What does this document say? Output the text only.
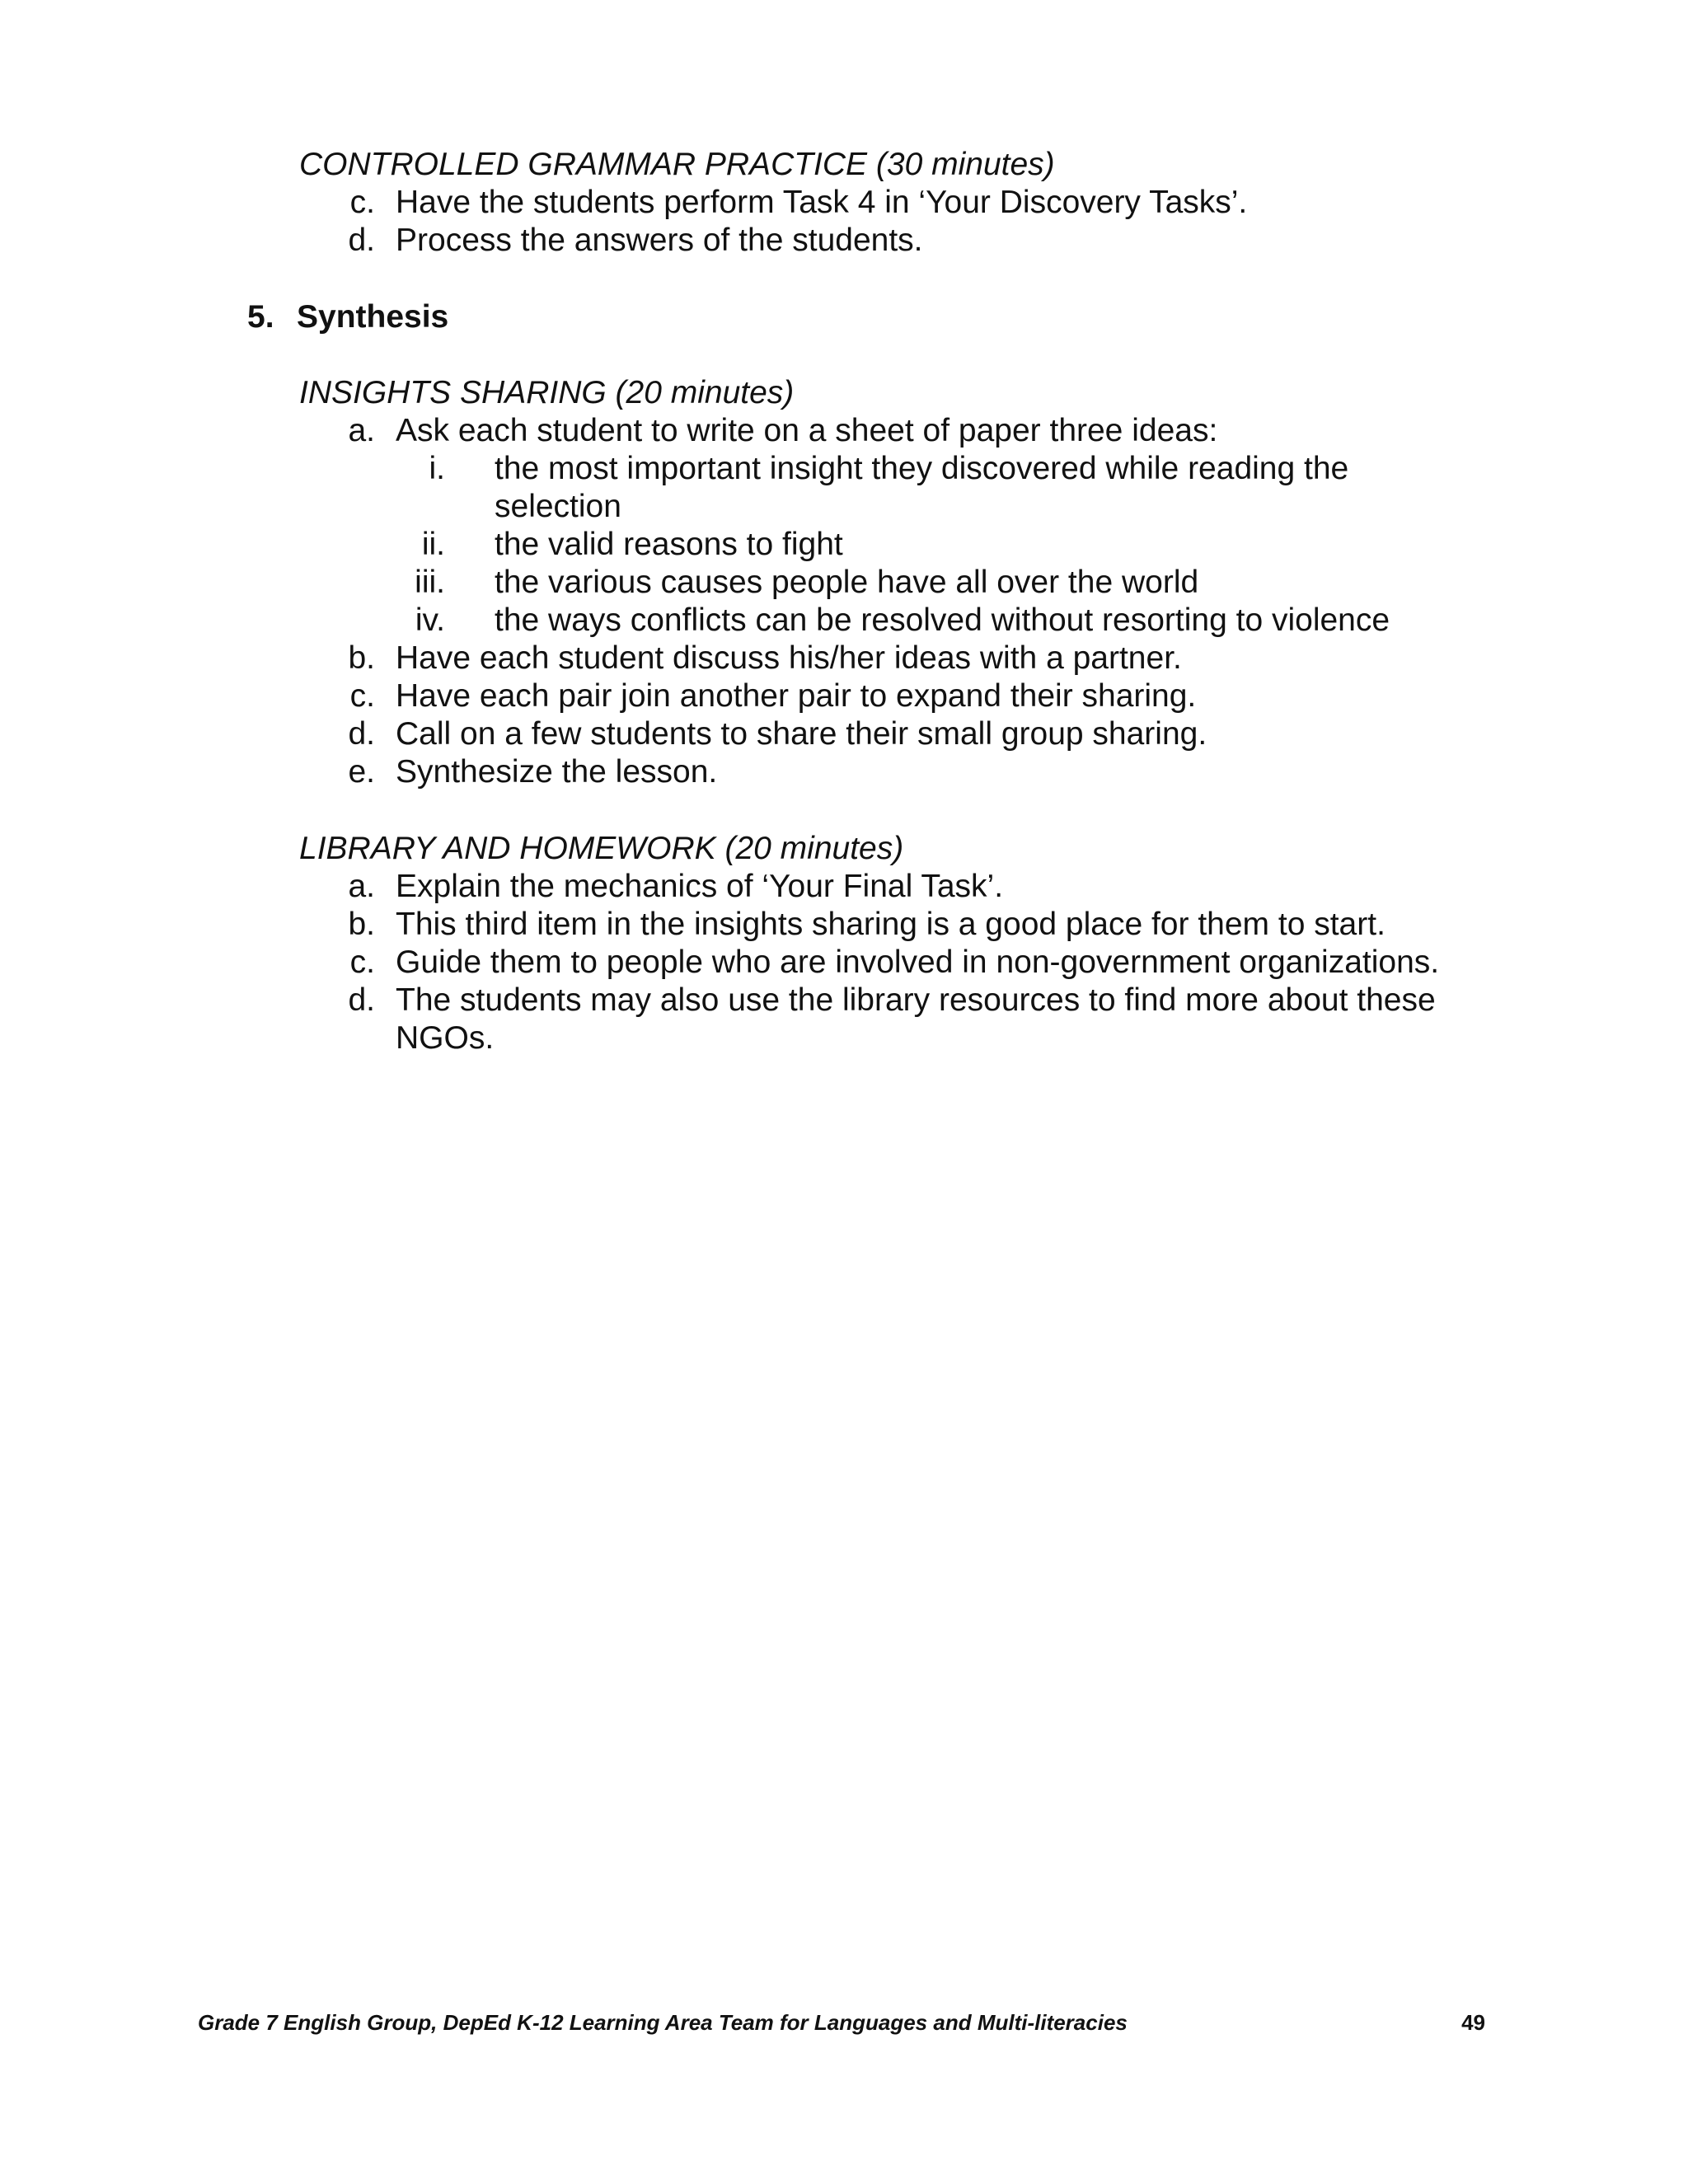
CONTROLLED GRAMMAR PRACTICE (30 minutes)
c. Have the students perform Task 4 in ‘Your Discovery Tasks’.
d. Process the answers of the students.
5. Synthesis
INSIGHTS SHARING (20 minutes)
a. Ask each student to write on a sheet of paper three ideas:
i. the most important insight they discovered while reading the
selection
ii. the valid reasons to fight
iii. the various causes people have all over the world
iv. the ways conflicts can be resolved without resorting to violence
b. Have each student discuss his/her ideas with a partner.
c. Have each pair join another pair to expand their sharing.
d. Call on a few students to share their small group sharing.
e. Synthesize the lesson.
LIBRARY AND HOMEWORK (20 minutes)
a. Explain the mechanics of ‘Your Final Task’.
b. This third item in the insights sharing is a good place for them to start.
c. Guide them to people who are involved in non-government organizations.
d. The students may also use the library resources to find more about these
NGOs.
Grade 7 English Group, DepEd K-12 Learning Area Team for Languages and Multi-literacies	49
